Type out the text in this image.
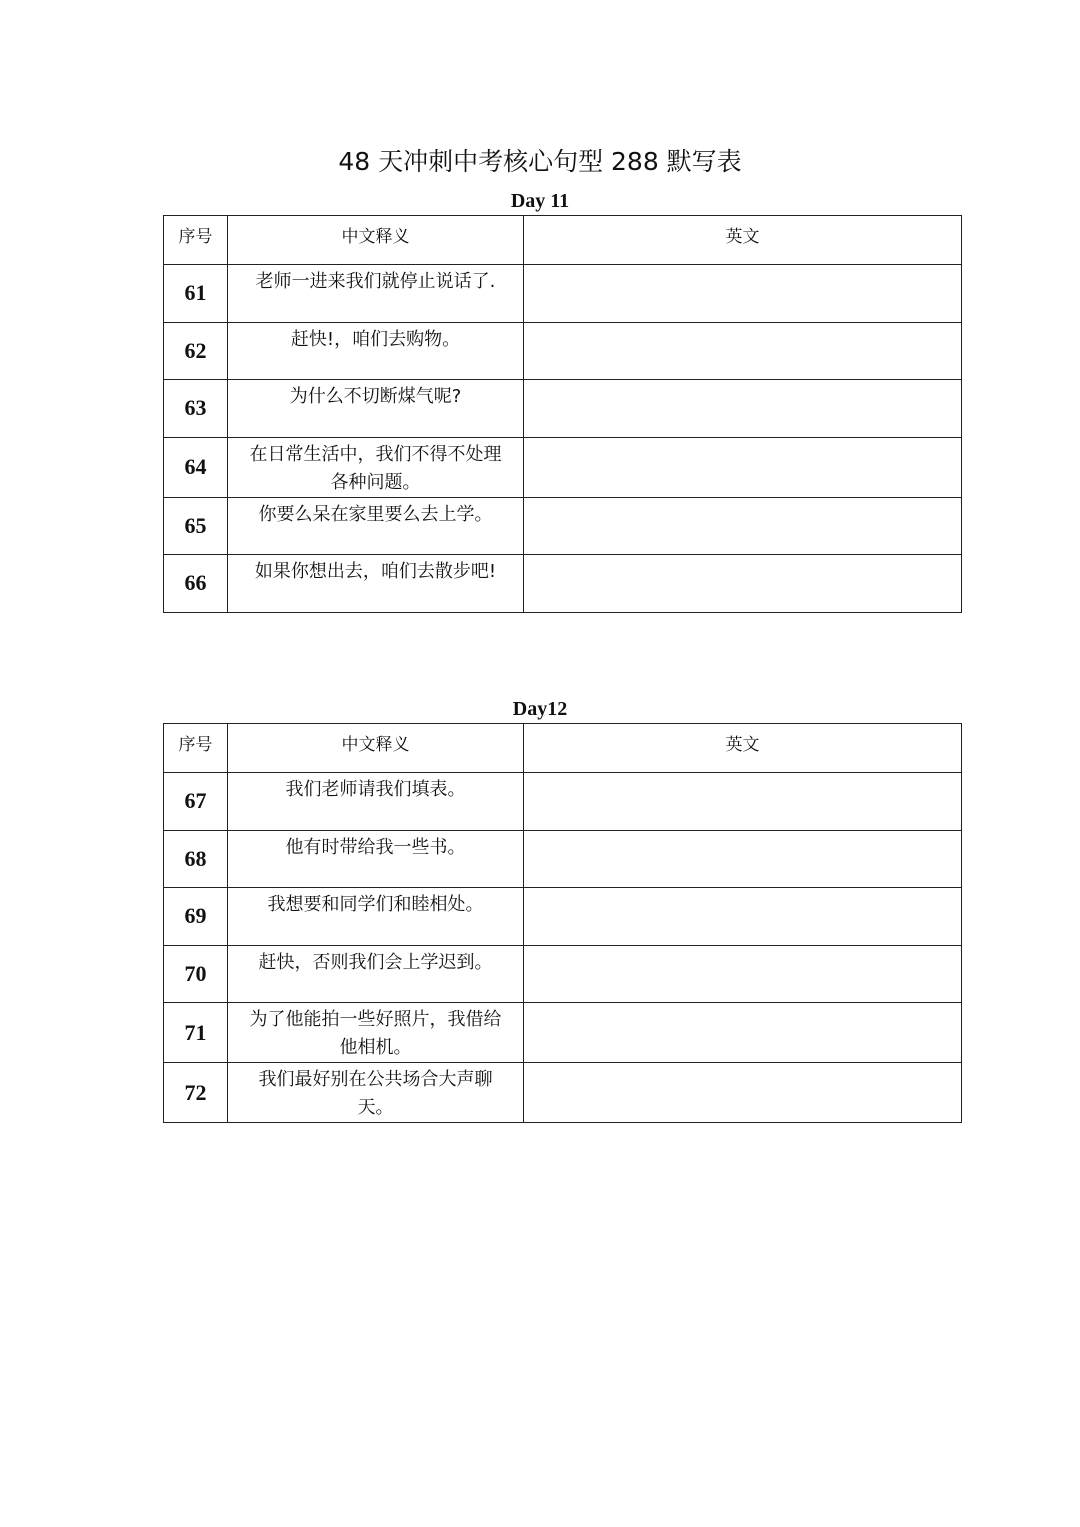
48 天冲刺中考核心句型 288 默写表
Day 11
序号	中文释义	英文
61	老师一进来我们就停止说话了.	
62	赶快!，咱们去购物。	
63	为什么不切断煤气呢?	
64	在日常生活中，我们不得不处理各种问题。	
65	你要么呆在家里要么去上学。	
66	如果你想出去，咱们去散步吧!	
Day12
序号	中文释义	英文
67	我们老师请我们填表。	
68	他有时带给我一些书。	
69	我想要和同学们和睦相处。	
70	赶快，否则我们会上学迟到。	
71	为了他能拍一些好照片，我借给他相机。	
72	我们最好别在公共场合大声聊天。	
